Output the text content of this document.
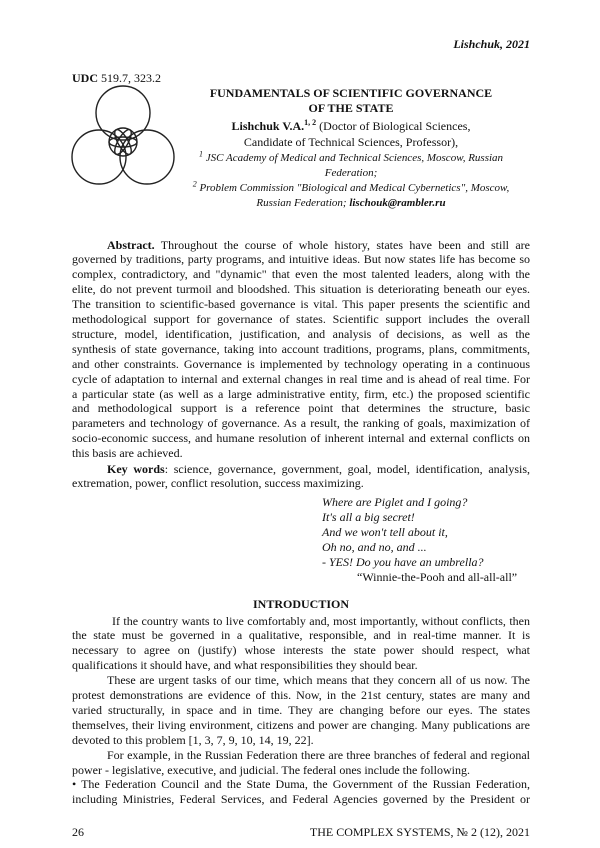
Lishchuk, 2021
UDC 519.7, 323.2
FUNDAMENTALS OF SCIENTIFIC GOVERNANCE
OF THE STATE
Lishchuk V.A.$^{1, 2}$ (Doctor of Biological Sciences,
Candidate of Technical Sciences, Professor),
$^1$ JSC Academy of Medical and Technical Sciences, Moscow, Russian
Federation;
$^2$ Problem Commission "Biological and Medical Cybernetics", Moscow,
Russian Federation; lischouk@rambler.ru
Abstract. Throughout the course of whole history, states have been and still are
governed by traditions, party programs, and intuitive ideas. But now states life has become so
complex, contradictory, and "dynamic" that even the most talented leaders, along with the
elite, do not prevent turmoil and bloodshed. This situation is deteriorating beneath our eyes.
The transition to scientific-based governance is vital. This paper presents the scientific and
methodological support for governance of states. Scientific support includes the overall
structure, model, identification, justification, and analysis of decisions, as well as the
synthesis of state governance, taking into account traditions, programs, plans, commitments,
and other constraints. Governance is implemented by technology operating in a continuous
cycle of adaptation to internal and external changes in real time and is ahead of real time. For
a particular state (as well as a large administrative entity, firm, etc.) the proposed scientific
and methodological support is a reference point that determines the structure, basic
parameters and technology of governance. As a result, the ranking of goals, maximization of
socio-economic success, and humane resolution of inherent internal and external conflicts on
this basis are achieved.
Key words: science, governance, government, goal, model, identification, analysis,
extremation, power, conflict resolution, success maximizing.
Where are Piglet and I going?
It's all a big secret!
And we won't tell about it,
Oh no, and no, and ...
- YES! Do you have an umbrella?
“Winnie-the-Pooh and all-all-all”
INTRODUCTION
If the country wants to live comfortably and, most importantly, without conflicts, then
the state must be governed in a qualitative, responsible, and in real-time manner. It is
necessary to agree on (justify) whose interests the state power should respect, what
qualifications it should have, and what responsibilities they should bear.
These are urgent tasks of our time, which means that they concern all of us now. The
protest demonstrations are evidence of this. Now, in the 21st century, states are many and
varied structurally, in space and in time. They are changing before our eyes. The states
themselves, their living environment, citizens and power are changing. Many publications are
devoted to this problem [1, 3, 7, 9, 10, 14, 19, 22].
For example, in the Russian Federation there are three branches of federal and regional
power - legislative, executive, and judicial. The federal ones include the following.
• The Federation Council and the State Duma, the Government of the Russian Federation,
including Ministries, Federal Services, and Federal Agencies governed by the President or
26	THE COMPLEX SYSTEMS, № 2 (12), 2021
